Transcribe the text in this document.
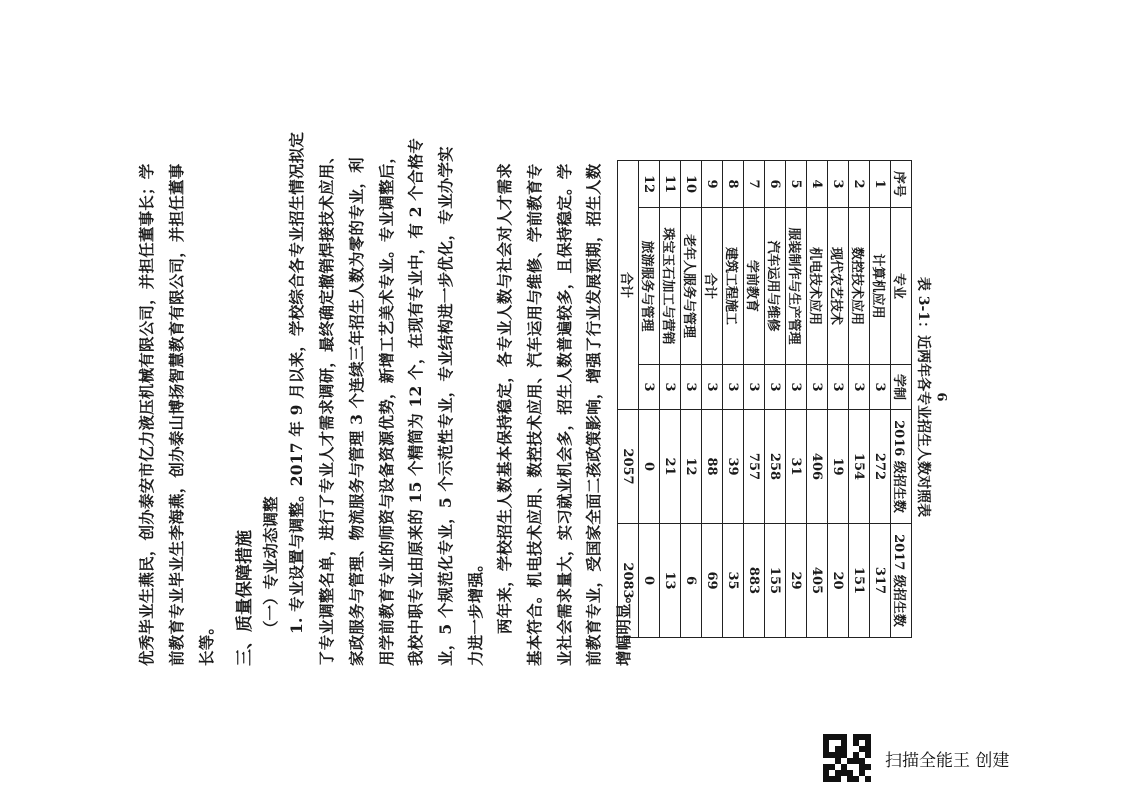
优秀毕业生燕民，创办泰安市亿力液压机械有限公司，并担任董事长；学 前教育专业毕业生李海燕，创办泰山博扬智慧教育有限公司，并担任董事 长等。 三、质量保障措施 （一）专业动态调整 1. 专业设置与调整。2017 年 9 月以来，学校综合各专业招生情况拟定 了专业调整名单，进行了专业人才需求调研，最终确定撤销焊接技术应用、 家政服务与管理、物流服务与管理 3 个连续三年招生人数为零的专业，利 用学前教育专业的师资与设备资源优势，新增工艺美术专业。专业调整后， 我校中职专业由原来的 15 个精简为 12 个，在现有专业中，有 2 个合格专 业，5 个规范化专业，5 个示范性专业，专业结构进一步优化，专业办学实 力进一步增强。 两年来，学校招生人数基本保持稳定，各专业人数与社会对人才需求 基本符合。机电技术应用、数控技术应用、汽车运用与维修、学前教育专 业社会需求量大，实习就业机会多，招生人数普遍较多，且保持稳定。学 前教育专业，受国家全面二孩政策影响，增强了行业发展预期，招生人数 增幅明显。
表 3-1：近两年各专业招生人数对照表
序号	专业	学制	2016 级招生数	2017 级招生数
1	计算机应用	3	272	317
2	数控技术应用	3	154	151
3	现代农艺技术	3	19	20
4	机电技术应用	3	406	405
5	服装制作与生产管理	3	31	29
6	汽车运用与维修	3	258	155
7	学前教育	3	757	883
8	建筑工程施工	3	39	35
9	合计	3	88	69
10	老年人服务与管理	3	12	6
11	珠宝玉石加工与营销	3	21	13
12	旅游服务与管理	3	0	0
合计			2057	2083
9
扫描全能王 创建
